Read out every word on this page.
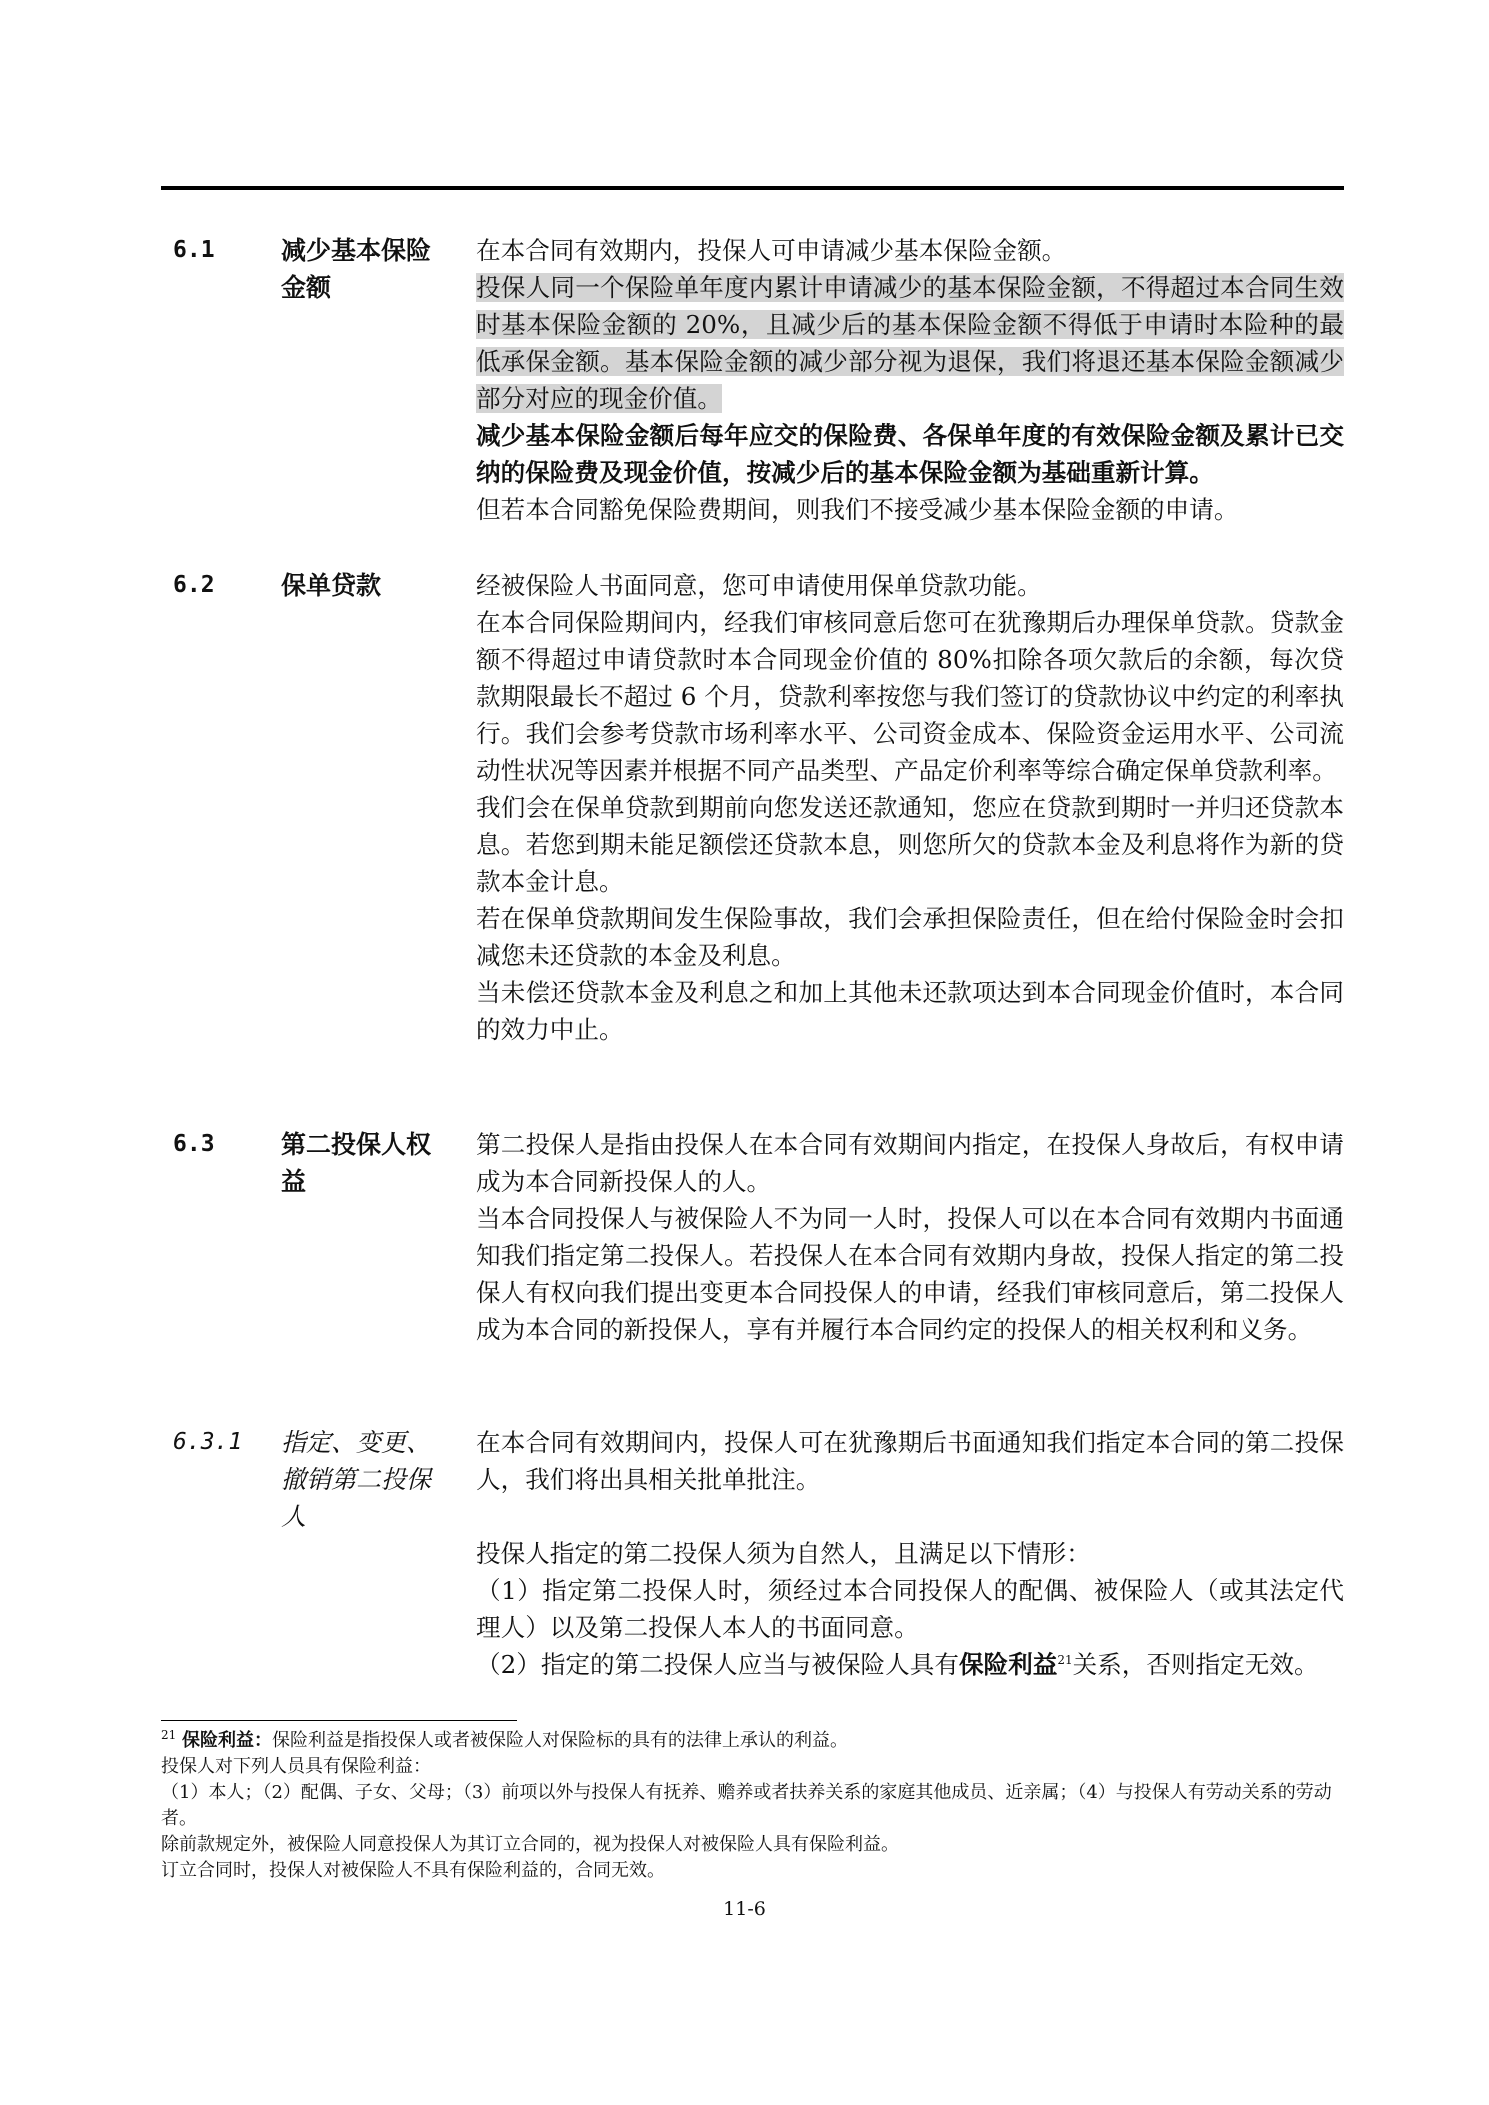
6.1	减少基本保险金额

在本合同有效期内，投保人可申请减少基本保险金额。

投保人同一个保险单年度内累计申请减少的基本保险金额，不得超过本合同生效时基本保险金额的 20%，且减少后的基本保险金额不得低于申请时本险种的最低承保金额。基本保险金额的减少部分视为退保，我们将退还基本保险金额减少部分对应的现金价值。

减少基本保险金额后每年应交的保险费、各保单年度的有效保险金额及累计已交纳的保险费及现金价值，按减少后的基本保险金额为基础重新计算。

但若本合同豁免保险费期间，则我们不接受减少基本保险金额的申请。

6.2	保单贷款	经被保险人书面同意，您可申请使用保单贷款功能。

在本合同保险期间内，经我们审核同意后您可在犹豫期后办理保单贷款。贷款金额不得超过申请贷款时本合同现金价值的 80%扣除各项欠款后的余额，每次贷款期限最长不超过 6 个月，贷款利率按您与我们签订的贷款协议中约定的利率执行。我们会参考贷款市场利率水平、公司资金成本、保险资金运用水平、公司流动性状况等因素并根据不同产品类型、产品定价利率等综合确定保单贷款利率。

我们会在保单贷款到期前向您发送还款通知，您应在贷款到期时一并归还贷款本息。若您到期未能足额偿还贷款本息，则您所欠的贷款本金及利息将作为新的贷款本金计息。

若在保单贷款期间发生保险事故，我们会承担保险责任，但在给付保险金时会扣减您未还贷款的本金及利息。

当未偿还贷款本金及利息之和加上其他未还款项达到本合同现金价值时，本合同的效力中止。

6.3	第二投保人权益

第二投保人是指由投保人在本合同有效期间内指定，在投保人身故后，有权申请成为本合同新投保人的人。

当本合同投保人与被保险人不为同一人时，投保人可以在本合同有效期内书面通知我们指定第二投保人。若投保人在本合同有效期内身故，投保人指定的第二投保人有权向我们提出变更本合同投保人的申请，经我们审核同意后，第二投保人成为本合同的新投保人，享有并履行本合同约定的投保人的相关权利和义务。

6.3.1 指定、变更、撤销第二投保人

在本合同有效期间内，投保人可在犹豫期后书面通知我们指定本合同的第二投保人，我们将出具相关批单批注。

投保人指定的第二投保人须为自然人，且满足以下情形：

（1）指定第二投保人时，须经过本合同投保人的配偶、被保险人（或其法定代理人）以及第二投保人本人的书面同意。

（2）指定的第二投保人应当与被保险人具有保险利益$^{21}$关系，否则指定无效。

$^{21}$ 保险利益：保险利益是指投保人或者被保险人对保险标的具有的法律上承认的利益。

投保人对下列人员具有保险利益：

（1）本人；（2）配偶、子女、父母；（3）前项以外与投保人有抚养、赡养或者扶养关系的家庭其他成员、近亲属；（4）与投保人有劳动关系的劳动者。

除前款规定外，被保险人同意投保人为其订立合同的，视为投保人对被保险人具有保险利益。

订立合同时，投保人对被保险人不具有保险利益的，合同无效。

11-6
